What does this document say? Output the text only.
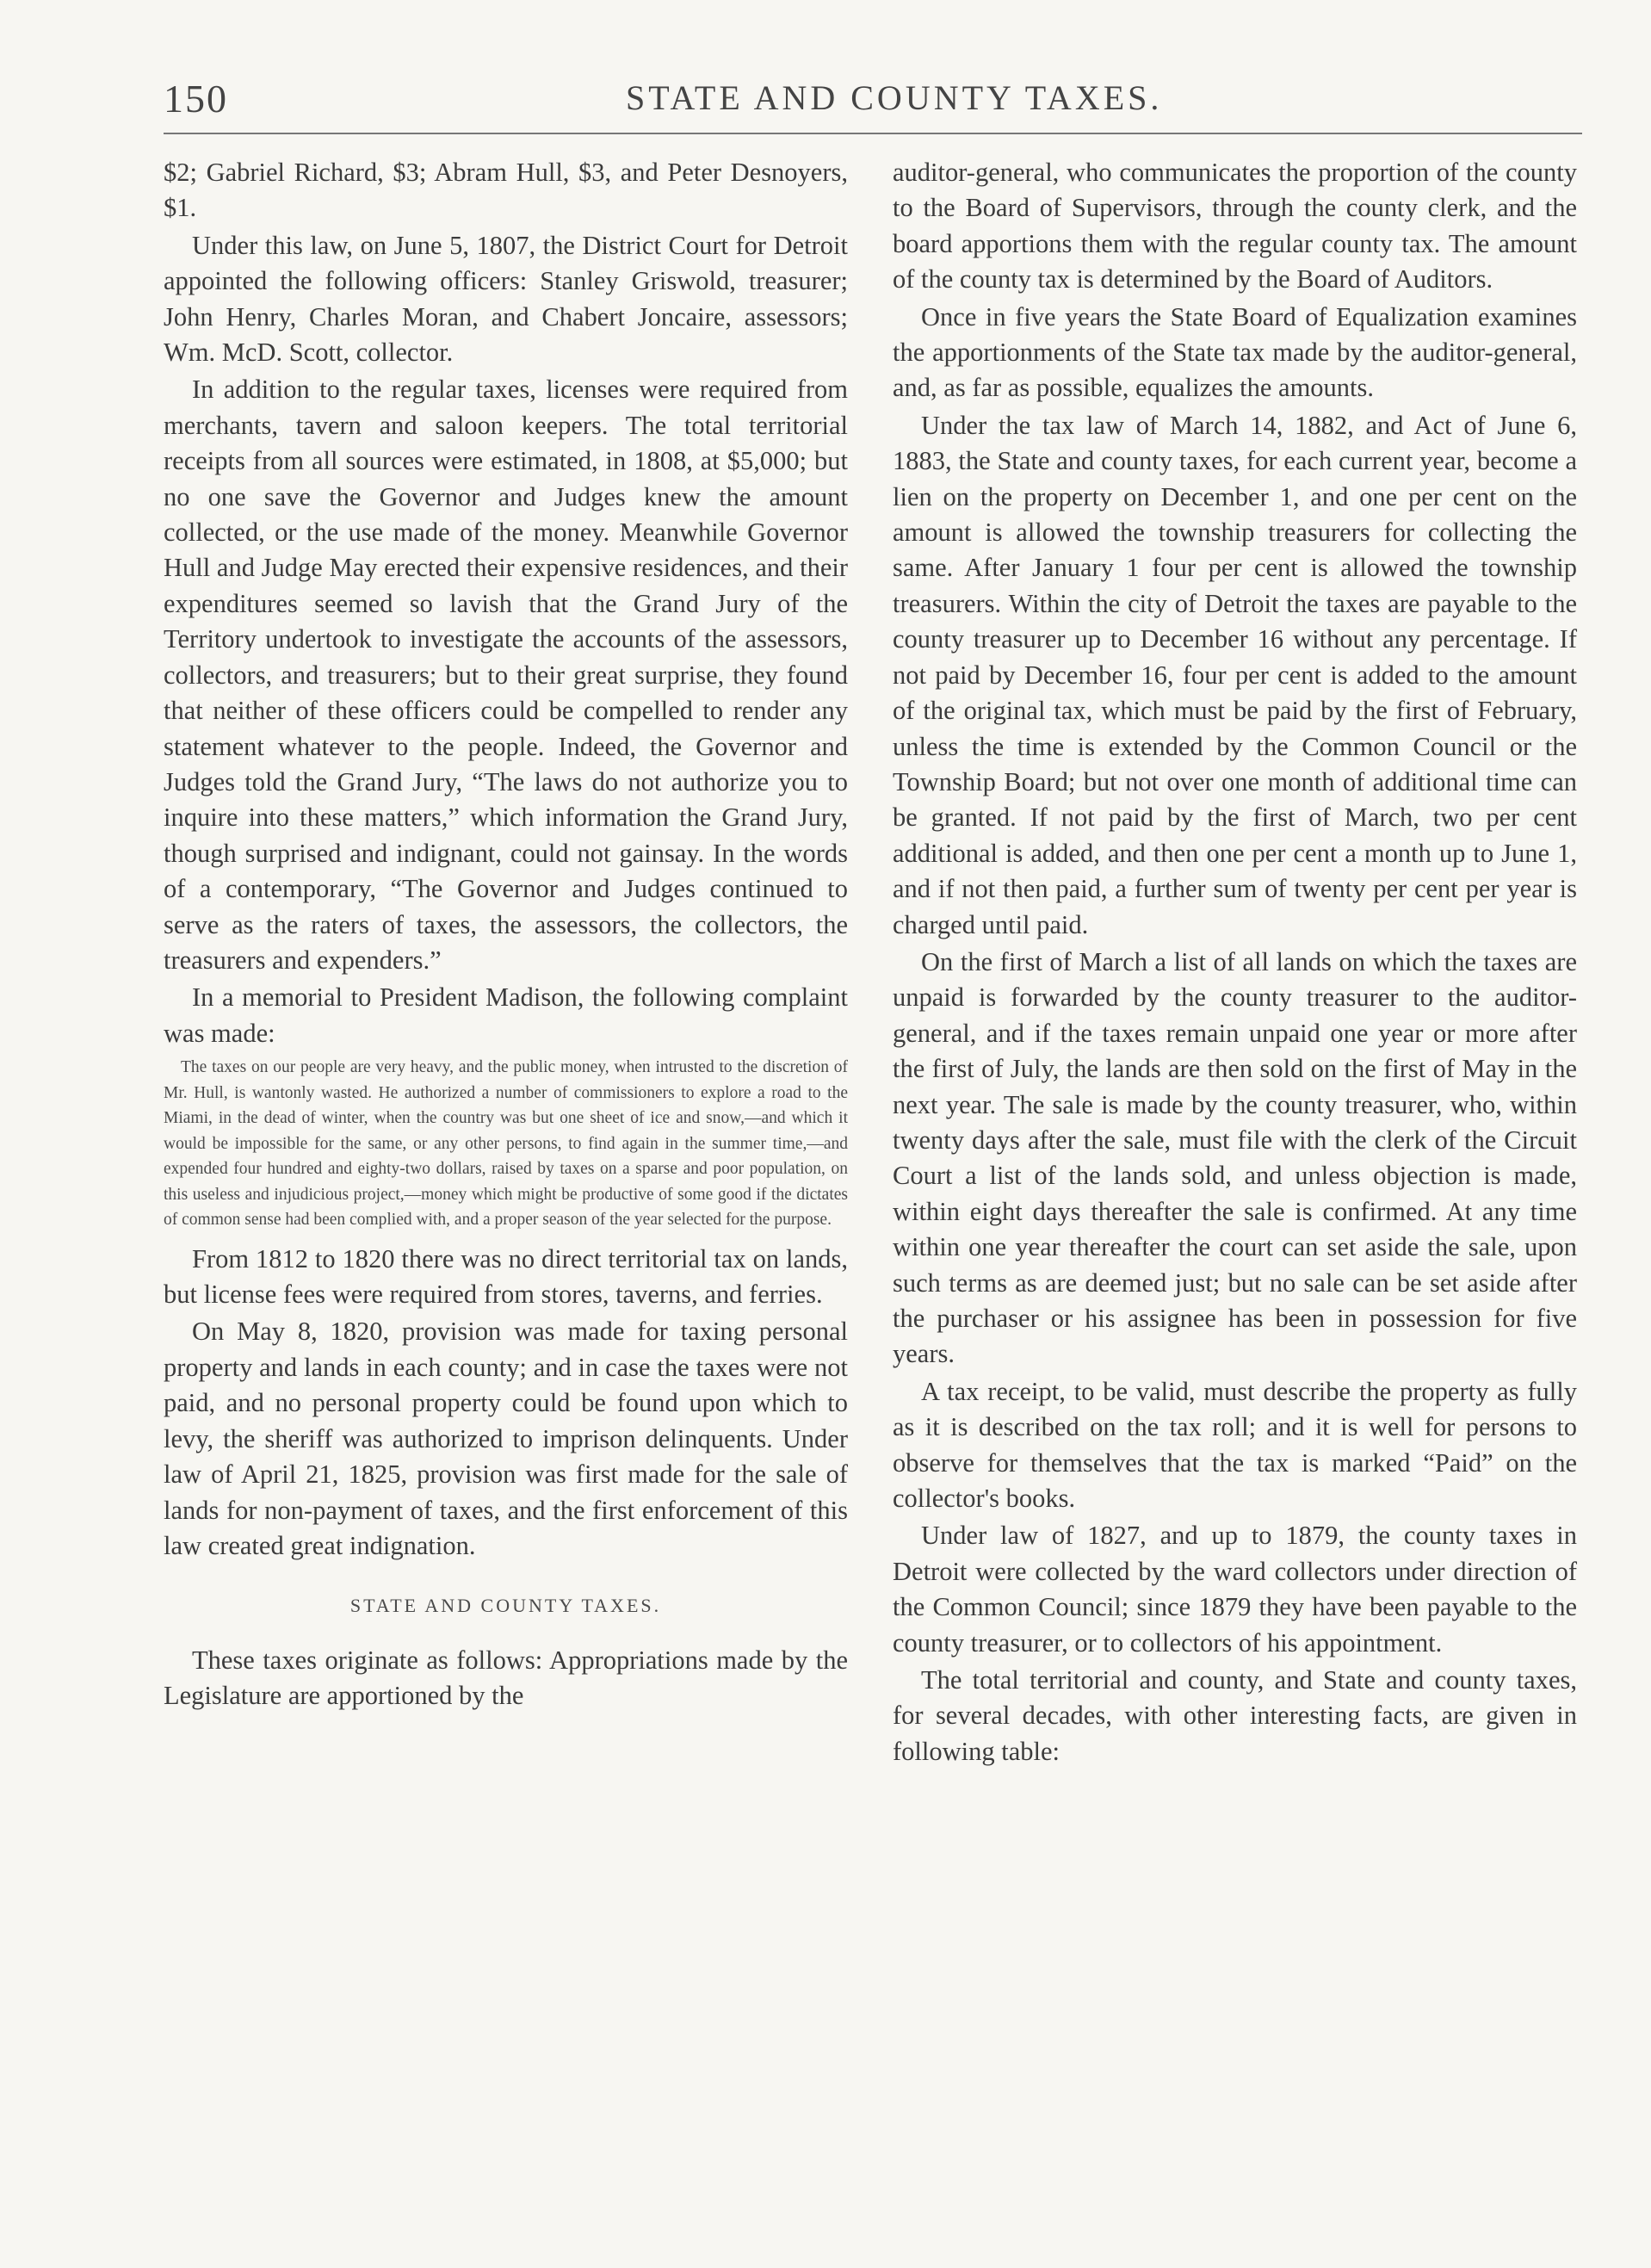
150	STATE AND COUNTY TAXES.

$2; Gabriel Richard, $3; Abram Hull, $3, and Peter Desnoyers, $1.

Under this law, on June 5, 1807, the District Court for Detroit appointed the following officers: Stanley Griswold, treasurer; John Henry, Charles Moran, and Chabert Joncaire, assessors; Wm. McD. Scott, collector.

In addition to the regular taxes, licenses were required from merchants, tavern and saloon keepers. The total territorial receipts from all sources were estimated, in 1808, at $5,000; but no one save the Governor and Judges knew the amount collected, or the use made of the money. Meanwhile Governor Hull and Judge May erected their expensive residences, and their expenditures seemed so lavish that the Grand Jury of the Territory undertook to investigate the accounts of the assessors, collectors, and treasurers; but to their great surprise, they found that neither of these officers could be compelled to render any statement whatever to the people. Indeed, the Governor and Judges told the Grand Jury, “The laws do not authorize you to inquire into these matters,” which information the Grand Jury, though surprised and indignant, could not gainsay. In the words of a contemporary, “The Governor and Judges continued to serve as the raters of taxes, the assessors, the collectors, the treasurers and expenders.”

In a memorial to President Madison, the following complaint was made:

The taxes on our people are very heavy, and the public money, when intrusted to the discretion of Mr. Hull, is wantonly wasted. He authorized a number of commissioners to explore a road to the Miami, in the dead of winter, when the country was but one sheet of ice and snow,—and which it would be impossible for the same, or any other persons, to find again in the summer time,—and expended four hundred and eighty-two dollars, raised by taxes on a sparse and poor population, on this useless and injudicious project,—money which might be productive of some good if the dictates of common sense had been complied with, and a proper season of the year selected for the purpose.

From 1812 to 1820 there was no direct territorial tax on lands, but license fees were required from stores, taverns, and ferries.

On May 8, 1820, provision was made for taxing personal property and lands in each county; and in case the taxes were not paid, and no personal property could be found upon which to levy, the sheriff was authorized to imprison delinquents. Under law of April 21, 1825, provision was first made for the sale of lands for non-payment of taxes, and the first enforcement of this law created great indignation.

STATE AND COUNTY TAXES.

These taxes originate as follows: Appropriations made by the Legislature are apportioned by the

auditor-general, who communicates the proportion of the county to the Board of Supervisors, through the county clerk, and the board apportions them with the regular county tax. The amount of the county tax is determined by the Board of Auditors.

Once in five years the State Board of Equalization examines the apportionments of the State tax made by the auditor-general, and, as far as possible, equalizes the amounts.

Under the tax law of March 14, 1882, and Act of June 6, 1883, the State and county taxes, for each current year, become a lien on the property on December 1, and one per cent on the amount is allowed the township treasurers for collecting the same. After January 1 four per cent is allowed the township treasurers. Within the city of Detroit the taxes are payable to the county treasurer up to December 16 without any percentage. If not paid by December 16, four per cent is added to the amount of the original tax, which must be paid by the first of February, unless the time is extended by the Common Council or the Township Board; but not over one month of additional time can be granted. If not paid by the first of March, two per cent additional is added, and then one per cent a month up to June 1, and if not then paid, a further sum of twenty per cent per year is charged until paid.

On the first of March a list of all lands on which the taxes are unpaid is forwarded by the county treasurer to the auditor-general, and if the taxes remain unpaid one year or more after the first of July, the lands are then sold on the first of May in the next year. The sale is made by the county treasurer, who, within twenty days after the sale, must file with the clerk of the Circuit Court a list of the lands sold, and unless objection is made, within eight days thereafter the sale is confirmed. At any time within one year thereafter the court can set aside the sale, upon such terms as are deemed just; but no sale can be set aside after the purchaser or his assignee has been in possession for five years.

A tax receipt, to be valid, must describe the property as fully as it is described on the tax roll; and it is well for persons to observe for themselves that the tax is marked “Paid” on the collector's books.

Under law of 1827, and up to 1879, the county taxes in Detroit were collected by the ward collectors under direction of the Common Council; since 1879 they have been payable to the county treasurer, or to collectors of his appointment.

The total territorial and county, and State and county taxes, for several decades, with other interesting facts, are given in following table:
